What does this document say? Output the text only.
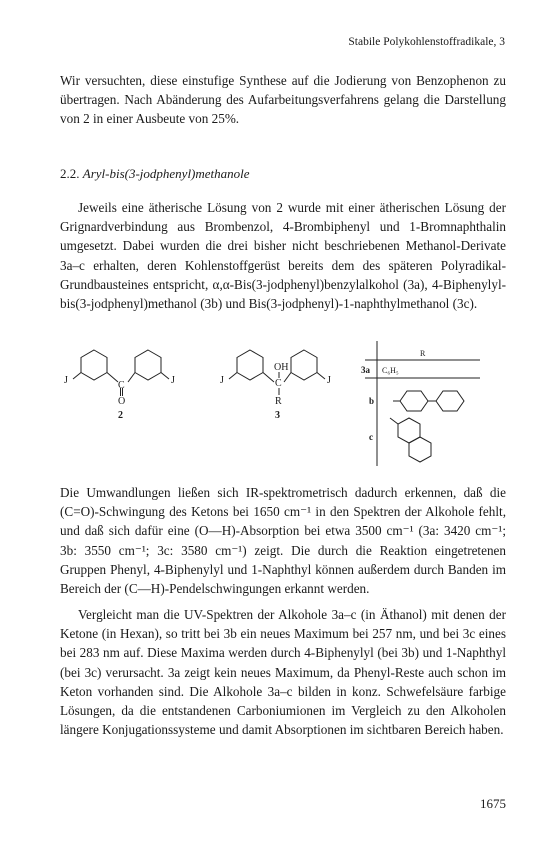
Stabile Polykohlenstoffradikale, 3
Wir versuchten, diese einstufige Synthese auf die Jodierung von Benzophenon zu übertragen. Nach Abänderung des Aufarbeitungsverfahrens gelang die Darstellung von 2 in einer Ausbeute von 25%.
2.2. Aryl-bis(3-jodphenyl)methanole
Jeweils eine ätherische Lösung von 2 wurde mit einer ätherischen Lösung der Grignardverbindung aus Brombenzol, 4-Brombiphenyl und 1-Bromnaphthalin umgesetzt. Dabei wurden die drei bisher nicht beschriebenen Methanol-Derivate 3a–c erhalten, deren Kohlenstoffgerüst bereits dem des späteren Polyradikal-Grundbausteines entspricht, α,α-Bis(3-jodphenyl)benzylalkohol (3a), 4-Biphenylyl-bis(3-jodphenyl)methanol (3b) und Bis(3-jodphenyl)-1-naphthylmethanol (3c).
J	J
C
O
2
J	J
OH
C
R
3
R
3a C₆H₅
b
c
Die Umwandlungen ließen sich IR-spektrometrisch dadurch erkennen, daß die (C=O)-Schwingung des Ketons bei 1650 cm⁻¹ in den Spektren der Alkohole fehlt, und daß sich dafür eine (O—H)-Absorption bei etwa 3500 cm⁻¹ (3a: 3420 cm⁻¹; 3b: 3550 cm⁻¹; 3c: 3580 cm⁻¹) zeigt. Die durch die Reaktion eingetretenen Gruppen Phenyl, 4-Biphenylyl und 1-Naphthyl können außerdem durch Banden im Bereich der (C—H)-Pendelschwingungen erkannt werden.
Vergleicht man die UV-Spektren der Alkohole 3a–c (in Äthanol) mit denen der Ketone (in Hexan), so tritt bei 3b ein neues Maximum bei 257 nm, und bei 3c eines bei 283 nm auf. Diese Maxima werden durch 4-Biphenylyl (bei 3b) und 1-Naphthyl (bei 3c) verursacht. 3a zeigt kein neues Maximum, da Phenyl-Reste auch schon im Keton vorhanden sind. Die Alkohole 3a–c bilden in konz. Schwefelsäure farbige Lösungen, da die entstandenen Carboniumionen im Vergleich zu den Alkoholen längere Konjugationssysteme und damit Absorptionen im sichtbaren Bereich haben.
1675
